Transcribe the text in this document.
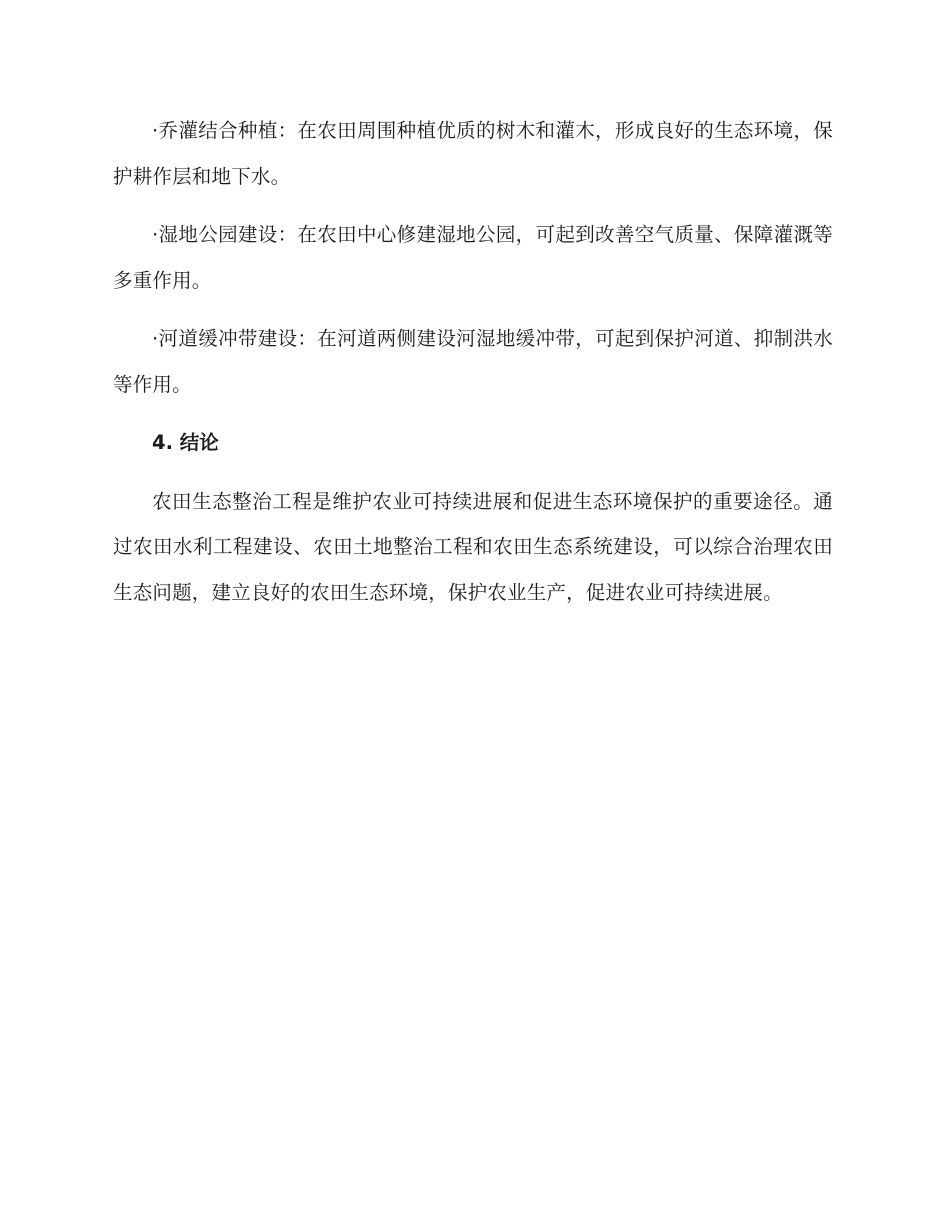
·乔灌结合种植：在农田周围种植优质的树木和灌木，形成良好的生态环境，保护耕作层和地下水。

·湿地公园建设：在农田中心修建湿地公园，可起到改善空气质量、保障灌溉等多重作用。

·河道缓冲带建设：在河道两侧建设河湿地缓冲带，可起到保护河道、抑制洪水等作用。

4. 结论

农田生态整治工程是维护农业可持续进展和促进生态环境保护的重要途径。通过农田水利工程建设、农田土地整治工程和农田生态系统建设，可以综合治理农田生态问题，建立良好的农田生态环境，保护农业生产，促进农业可持续进展。
